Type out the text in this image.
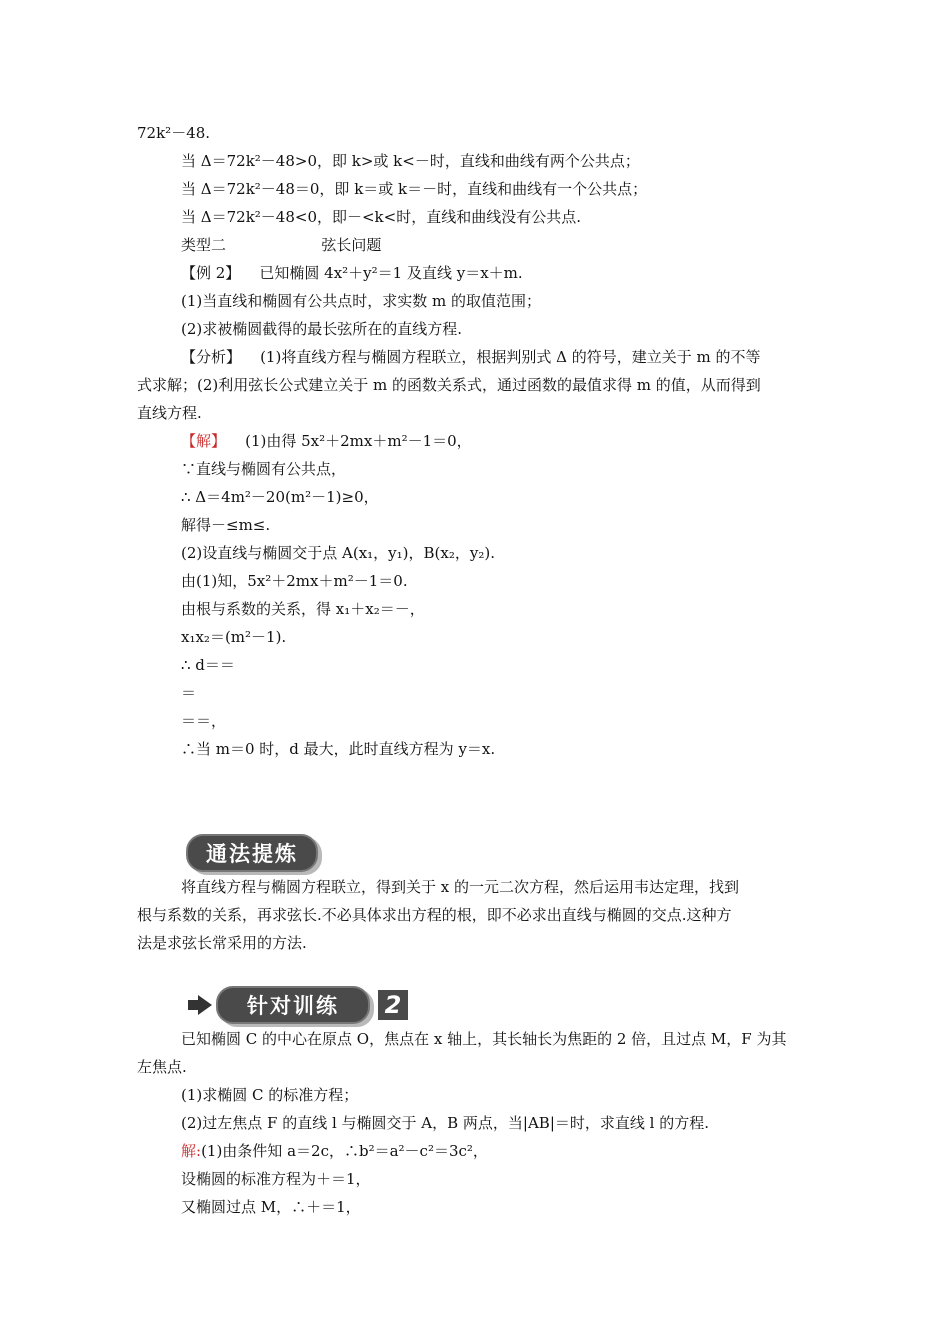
72k²－48.
当 Δ＝72k²－48>0，即 k>或 k<－时，直线和曲线有两个公共点；
当 Δ＝72k²－48＝0，即 k＝或 k＝－时，直线和曲线有一个公共点；
当 Δ＝72k²－48<0，即－<k<时，直线和曲线没有公共点.
类型二                    弦长问题
【例 2】    已知椭圆 4x²＋y²＝1 及直线 y＝x＋m.
(1)当直线和椭圆有公共点时，求实数 m 的取值范围；
(2)求被椭圆截得的最长弦所在的直线方程.
【分析】    (1)将直线方程与椭圆方程联立，根据判别式 Δ 的符号，建立关于 m 的不等
式求解；(2)利用弦长公式建立关于 m 的函数关系式，通过函数的最值求得 m 的值，从而得到
直线方程.
【解】    (1)由得 5x²＋2mx＋m²－1＝0，
∵直线与椭圆有公共点，
∴ Δ＝4m²－20(m²－1)≥0，
解得－≤m≤.
(2)设直线与椭圆交于点 A(x₁，y₁)，B(x₂，y₂).
由(1)知，5x²＋2mx＋m²－1＝0.
由根与系数的关系，得 x₁＋x₂＝－，
x₁x₂＝(m²－1).
∴ d＝＝
＝
＝＝，
∴当 m＝0 时，d 最大，此时直线方程为 y＝x.
通法提炼
将直线方程与椭圆方程联立，得到关于 x 的一元二次方程，然后运用韦达定理，找到
根与系数的关系，再求弦长.不必具体求出方程的根，即不必求出直线与椭圆的交点.这种方
法是求弦长常采用的方法.
针对训练	2
已知椭圆 C 的中心在原点 O，焦点在 x 轴上，其长轴长为焦距的 2 倍，且过点 M，F 为其
左焦点.
(1)求椭圆 C 的标准方程；
(2)过左焦点 F 的直线 l 与椭圆交于 A，B 两点，当|AB|＝时，求直线 l 的方程.
解:(1)由条件知 a＝2c，∴b²＝a²－c²＝3c²，
设椭圆的标准方程为＋＝1，
又椭圆过点 M，∴＋＝1，
